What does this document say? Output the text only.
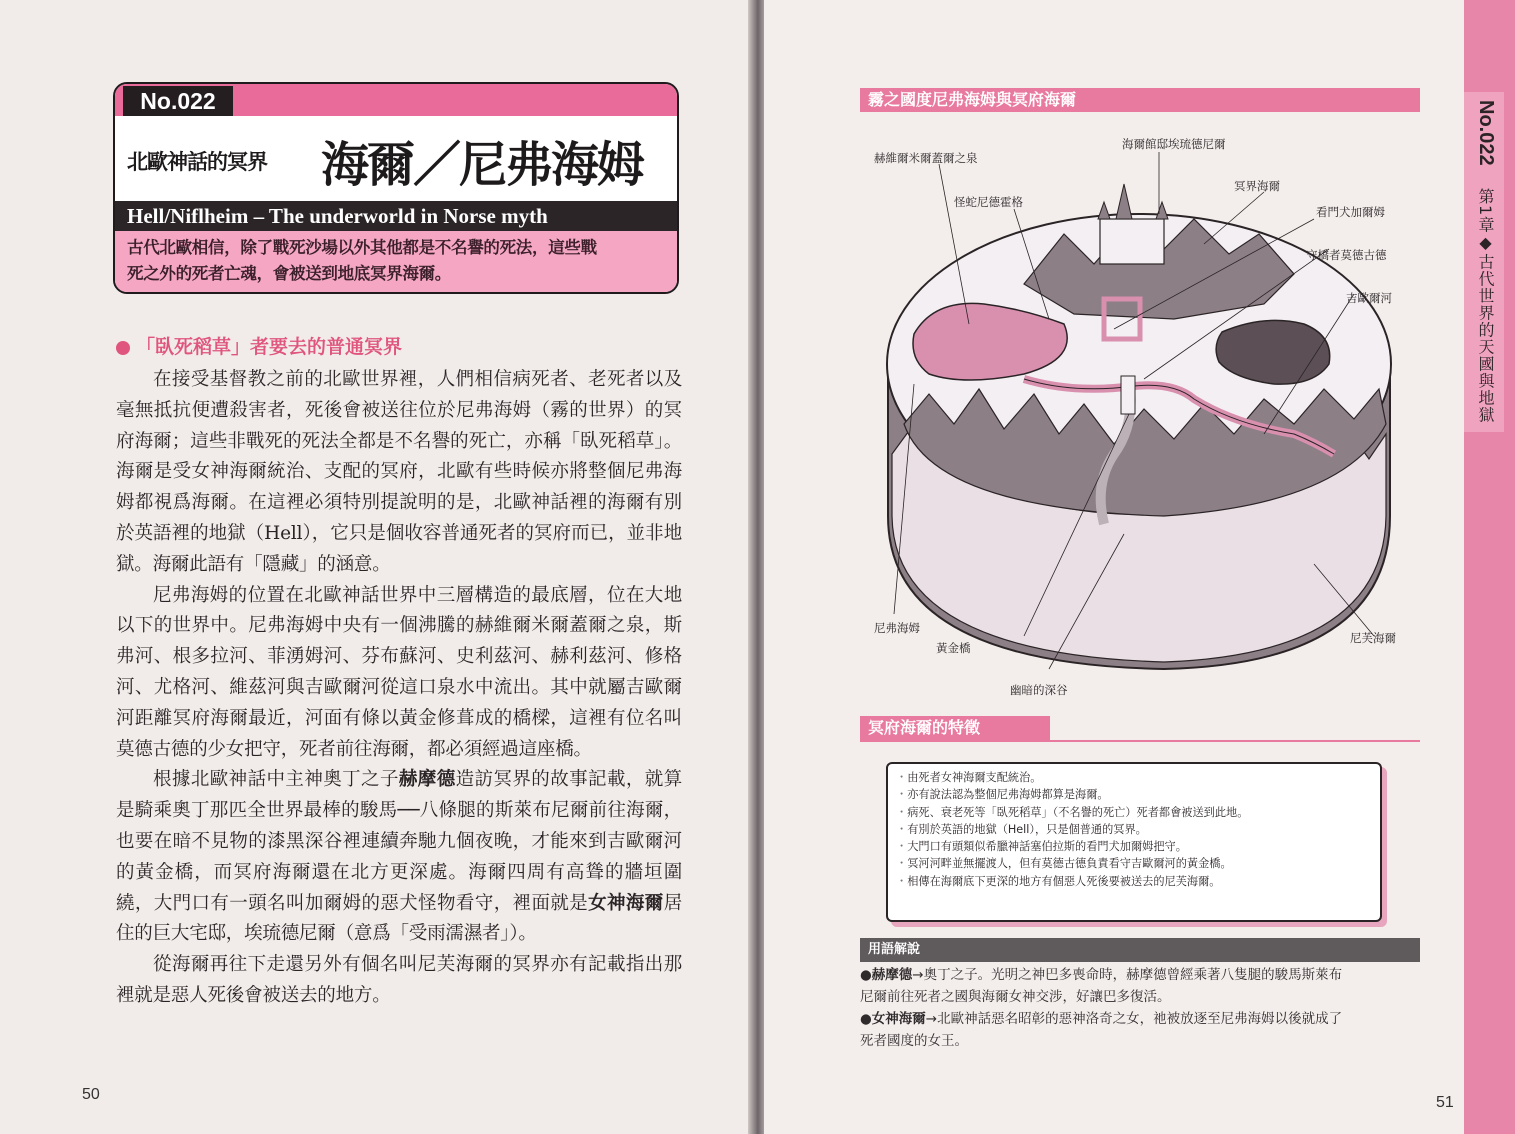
北歐神話的冥界 海爾／尼弗海姆
Hell/Niflheim – The underworld in Norse myth
古代北歐相信，除了戰死沙場以外其他都是不名譽的死法，這些戰
死之外的死者亡魂，會被送到地底冥界海爾。
No.022
「臥死稻草」者要去的普通冥界

在接受基督教之前的北歐世界裡，人們相信病死者、老死者以及毫無抵抗便遭殺害者，死後會被送往位於尼弗海姆（霧的世界）的冥府海爾；這些非戰死的死法全都是不名譽的死亡，亦稱「臥死稻草」。海爾是受女神海爾統治、支配的冥府，北歐有些時候亦將整個尼弗海姆都視爲海爾。在這裡必須特別提說明的是，北歐神話裡的海爾有別於英語裡的地獄（Hell），它只是個收容普通死者的冥府而已，並非地獄。海爾此語有「隱藏」的涵意。

尼弗海姆的位置在北歐神話世界中三層構造的最底層，位在大地以下的世界中。尼弗海姆中央有一個沸騰的赫維爾米爾蓋爾之泉，斯弗河、根多拉河、菲湧姆河、芬布蘇河、史利茲河、赫利茲河、修格河、尤格河、維茲河與吉歐爾河從這口泉水中流出。其中就屬吉歐爾河距離冥府海爾最近，河面有條以黃金修葺成的橋樑，這裡有位名叫莫德古德的少女把守，死者前往海爾，都必須經過這座橋。

根據北歐神話中主神奧丁之子赫摩德造訪冥界的故事記載，就算是騎乘奧丁那匹全世界最棒的駿馬──八條腿的斯萊布尼爾前往海爾，也要在暗不見物的漆黑深谷裡連續奔馳九個夜晚，才能來到吉歐爾河的黃金橋，而冥府海爾還在北方更深處。海爾四周有高聳的牆垣圍繞，大門口有一頭名叫加爾姆的惡犬怪物看守，裡面就是女神海爾居住的巨大宅邸，埃琉德尼爾（意爲「受雨濡濕者」）。

從海爾再往下走還另外有個名叫尼芙海爾的冥界亦有記載指出那裡就是惡人死後會被送去的地方。

50
No.022
第1章◆古代世界的天國與地獄
霧之國度尼弗海姆與冥府海爾
赫維爾米爾蓋爾之泉
海爾館邸埃琉德尼爾
怪蛇尼德霍格
冥界海爾
看門犬加爾姆
守橋者莫德古德
吉歐爾河
尼弗海姆
黃金橋
幽暗的深谷
尼芙海爾
冥府海爾的特徵
・ 由死者女神海爾支配統治。
・ 亦有說法認為整個尼弗海姆都算是海爾。
・ 病死、衰老死等「臥死稻草」（不名譽的死亡）死者都會被送到此地。
・ 有別於英語的地獄（Hell），只是個普通的冥界。
・ 大門口有頭類似希臘神話塞伯拉斯的看門犬加爾姆把守。
・ 冥河河畔並無擺渡人，但有莫德古德負責看守吉歐爾河的黃金橋。
・ 相傳在海爾底下更深的地方有個惡人死後要被送去的尼芙海爾。
用語解說
●赫摩德→奧丁之子。光明之神巴多喪命時，赫摩德曾經乘著八隻腿的駿馬斯萊布
尼爾前往死者之國與海爾女神交涉，好讓巴多復活。
●女神海爾→北歐神話惡名昭彰的惡神洛奇之女，祂被放逐至尼弗海姆以後就成了
死者國度的女王。
51
